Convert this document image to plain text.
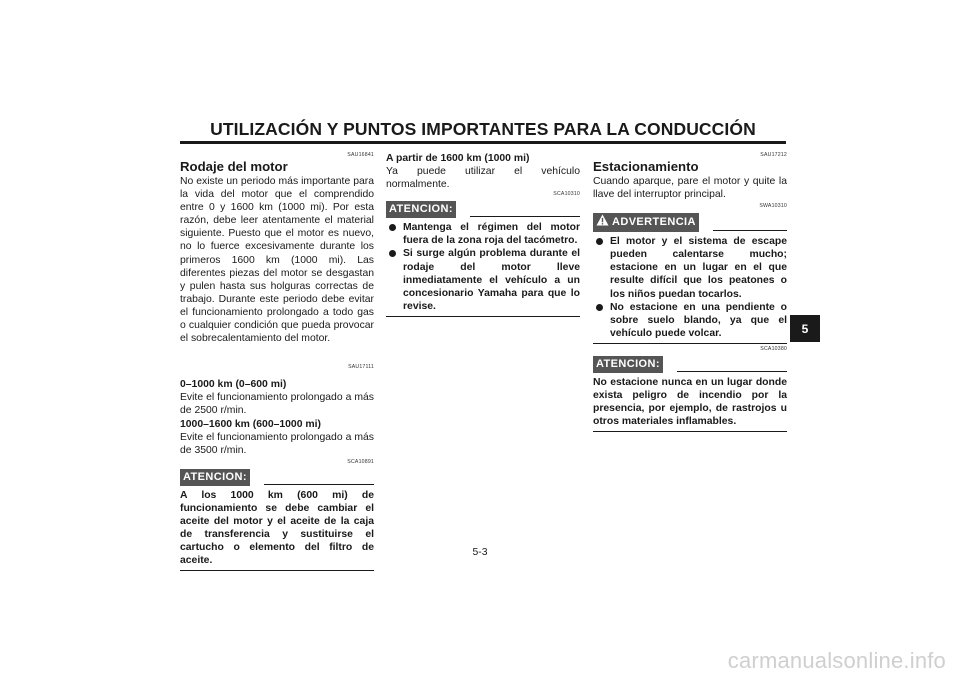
UTILIZACIÓN Y PUNTOS IMPORTANTES PARA LA CONDUCCIÓN
SAU16841
Rodaje del motor

No existe un periodo más importante para la vida del motor que el comprendido entre 0 y 1600 km (1000 mi). Por esta razón, debe leer atentamente el material siguiente. Puesto que el motor es nuevo, no lo fuerce excesivamente durante los primeros 1600 km (1000 mi). Las diferentes piezas del motor se desgastan y pulen hasta sus holguras correctas de trabajo. Durante este periodo debe evitar el funcionamiento prolongado a todo gas o cualquier condición que pueda provocar el sobrecalentamiento del motor.

SAU17111

0–1000 km (0–600 mi)

Evite el funcionamiento prolongado a más de 2500 r/min.

1000–1600 km (600–1000 mi)

Evite el funcionamiento prolongado a más de 3500 r/min.

SCA10891
ATENCION:

A los 1000 km (600 mi) de funcionamiento se debe cambiar el aceite del motor y el aceite de la caja de transferencia y sustituirse el cartucho o elemento del filtro de aceite.

A partir de 1600 km (1000 mi)

Ya puede utilizar el vehículo normalmente.

SCA10310
ATENCION:
Mantenga el régimen del motor fuera de la zona roja del tacómetro.
Si surge algún problema durante el rodaje del motor lleve inmediatamente el vehículo a un concesionario Yamaha para que lo revise.
SAU17212
Estacionamiento

Cuando aparque, pare el motor y quite la llave del interruptor principal.

SWA10310
ADVERTENCIA
El motor y el sistema de escape pueden calentarse mucho; estacione en un lugar en el que resulte difícil que los peatones o los niños puedan tocarlos.
No estacione en una pendiente o sobre suelo blando, ya que el vehículo puede volcar.
SCA10380
ATENCION:

No estacione nunca en un lugar donde exista peligro de incendio por la presencia, por ejemplo, de rastrojos u otros materiales inflamables.

5
5-3
carmanualsonline.info
